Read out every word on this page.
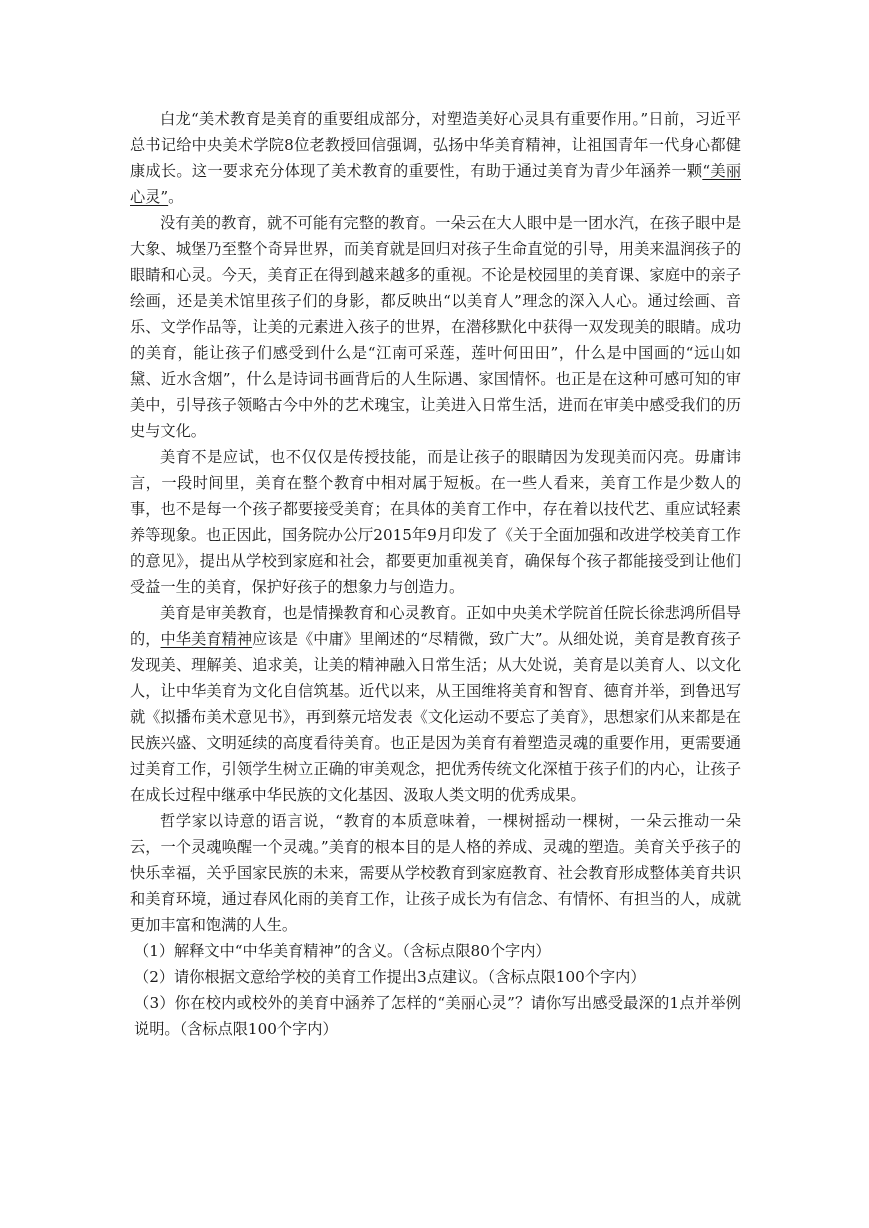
白龙“美术教育是美育的重要组成部分，对塑造美好心灵具有重要作用。”日前，习近平总书记给中央美术学院8位老教授回信强调，弘扬中华美育精神，让祖国青年一代身心都健康成长。这一要求充分体现了美术教育的重要性，有助于通过美育为青少年涵养一颗“美丽心灵”。

没有美的教育，就不可能有完整的教育。一朵云在大人眼中是一团水汽，在孩子眼中是大象、城堡乃至整个奇异世界，而美育就是回归对孩子生命直觉的引导，用美来温润孩子的眼睛和心灵。今天，美育正在得到越来越多的重视。不论是校园里的美育课、家庭中的亲子绘画，还是美术馆里孩子们的身影，都反映出“以美育人”理念的深入人心。通过绘画、音乐、文学作品等，让美的元素进入孩子的世界，在潜移默化中获得一双发现美的眼睛。成功的美育，能让孩子们感受到什么是“江南可采莲，莲叶何田田”，什么是中国画的“远山如黛、近水含烟”，什么是诗词书画背后的人生际遇、家国情怀。也正是在这种可感可知的审美中，引导孩子领略古今中外的艺术瑰宝，让美进入日常生活，进而在审美中感受我们的历史与文化。

美育不是应试，也不仅仅是传授技能，而是让孩子的眼睛因为发现美而闪亮。毋庸讳言，一段时间里，美育在整个教育中相对属于短板。在一些人看来，美育工作是少数人的事，也不是每一个孩子都要接受美育；在具体的美育工作中，存在着以技代艺、重应试轻素养等现象。也正因此，国务院办公厅2015年9月印发了《关于全面加强和改进学校美育工作的意见》，提出从学校到家庭和社会，都要更加重视美育，确保每个孩子都能接受到让他们受益一生的美育，保护好孩子的想象力与创造力。

美育是审美教育，也是情操教育和心灵教育。正如中央美术学院首任院长徐悲鸿所倡导的，中华美育精神应该是《中庸》里阐述的“尽精微，致广大”。从细处说，美育是教育孩子发现美、理解美、追求美，让美的精神融入日常生活；从大处说，美育是以美育人、以文化人，让中华美育为文化自信筑基。近代以来，从王国维将美育和智育、德育并举，到鲁迅写就《拟播布美术意见书》，再到蔡元培发表《文化运动不要忘了美育》，思想家们从来都是在民族兴盛、文明延续的高度看待美育。也正是因为美育有着塑造灵魂的重要作用，更需要通过美育工作，引领学生树立正确的审美观念，把优秀传统文化深植于孩子们的内心，让孩子在成长过程中继承中华民族的文化基因、汲取人类文明的优秀成果。

哲学家以诗意的语言说，“教育的本质意味着，一棵树摇动一棵树，一朵云推动一朵云，一个灵魂唤醒一个灵魂。”美育的根本目的是人格的养成、灵魂的塑造。美育关乎孩子的快乐幸福，关乎国家民族的未来，需要从学校教育到家庭教育、社会教育形成整体美育共识和美育环境，通过春风化雨的美育工作，让孩子成长为有信念、有情怀、有担当的人，成就更加丰富和饱满的人生。

（1）解释文中“中华美育精神”的含义。（含标点限80个字内）

（2）请你根据文意给学校的美育工作提出3点建议。（含标点限100个字内）

（3）你在校内或校外的美育中涵养了怎样的“美丽心灵”？请你写出感受最深的1点并举例说明。（含标点限100个字内）
